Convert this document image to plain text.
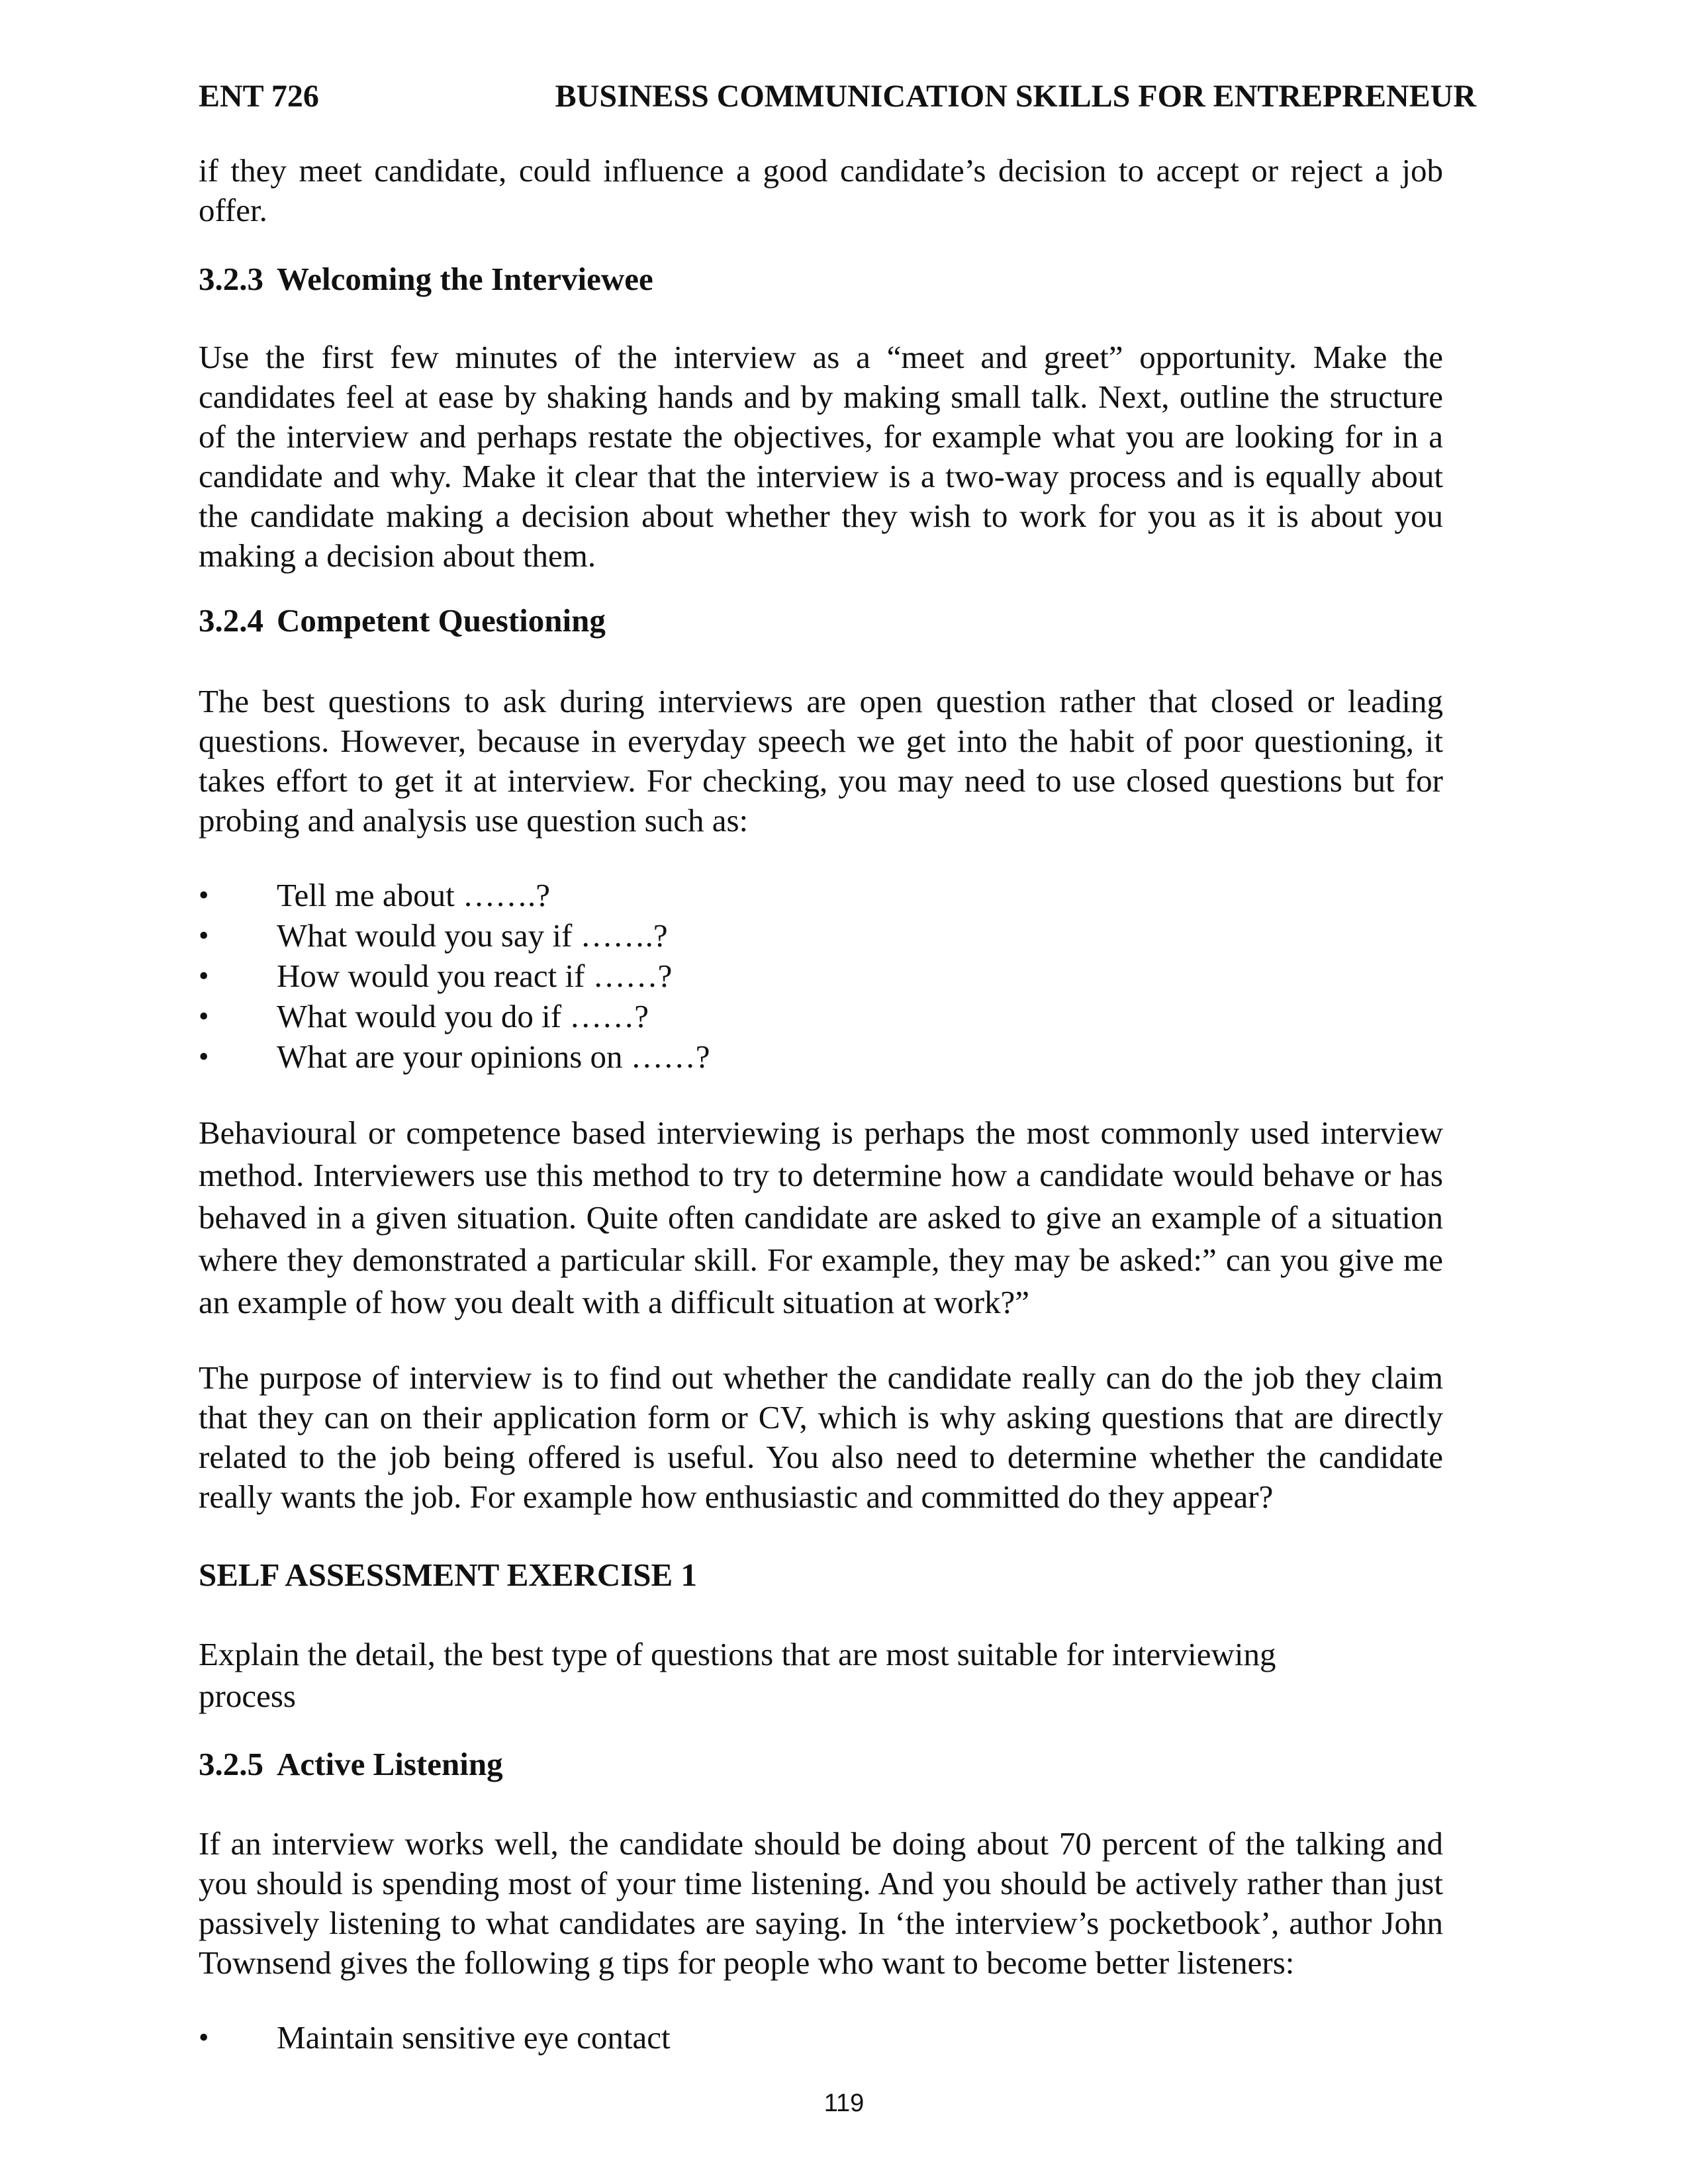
ENT 726	BUSINESS COMMUNICATION SKILLS FOR ENTREPRENEUR
if they meet candidate, could influence a good candidate’s decision to accept or reject a job offer.
3.2.3 Welcoming the Interviewee
Use the first few minutes of the interview as a “meet and greet” opportunity. Make the candidates feel at ease by shaking hands and by making small talk. Next, outline the structure of the interview and perhaps restate the objectives, for example what you are looking for in a candidate and why. Make it clear that the interview is a two-way process and is equally about the candidate making a decision about whether they wish to work for you as it is about you making a decision about them.
3.2.4 Competent Questioning
The best questions to ask during interviews are open question rather that closed or leading questions. However, because in everyday speech we get into the habit of poor questioning, it takes effort to get it at interview. For checking, you may need to use closed questions but for probing and analysis use question such as:
•	Tell me about …….?
•	What would you say if …….?
•	How would you react if ……?
•	What would you do if ……?
•	What are your opinions on ……?
Behavioural or competence based interviewing is perhaps the most commonly used interview method. Interviewers use this method to try to determine how a candidate would behave or has behaved in a given situation. Quite often candidate are asked to give an example of a situation where they demonstrated a particular skill. For example, they may be asked:” can you give me an example of how you dealt with a difficult situation at work?”
The purpose of interview is to find out whether the candidate really can do the job they claim that they can on their application form or CV, which is why asking questions that are directly related to the job being offered is useful. You also need to determine whether the candidate really wants the job. For example how enthusiastic and committed do they appear?
SELF ASSESSMENT EXERCISE 1
Explain the detail, the best type of questions that are most suitable for interviewing process
3.2.5 Active Listening
If an interview works well, the candidate should be doing about 70 percent of the talking and you should is spending most of your time listening. And you should be actively rather than just passively listening to what candidates are saying. In ‘the interview’s pocketbook’, author John Townsend gives the following g tips for people who want to become better listeners:
•	Maintain sensitive eye contact
119
